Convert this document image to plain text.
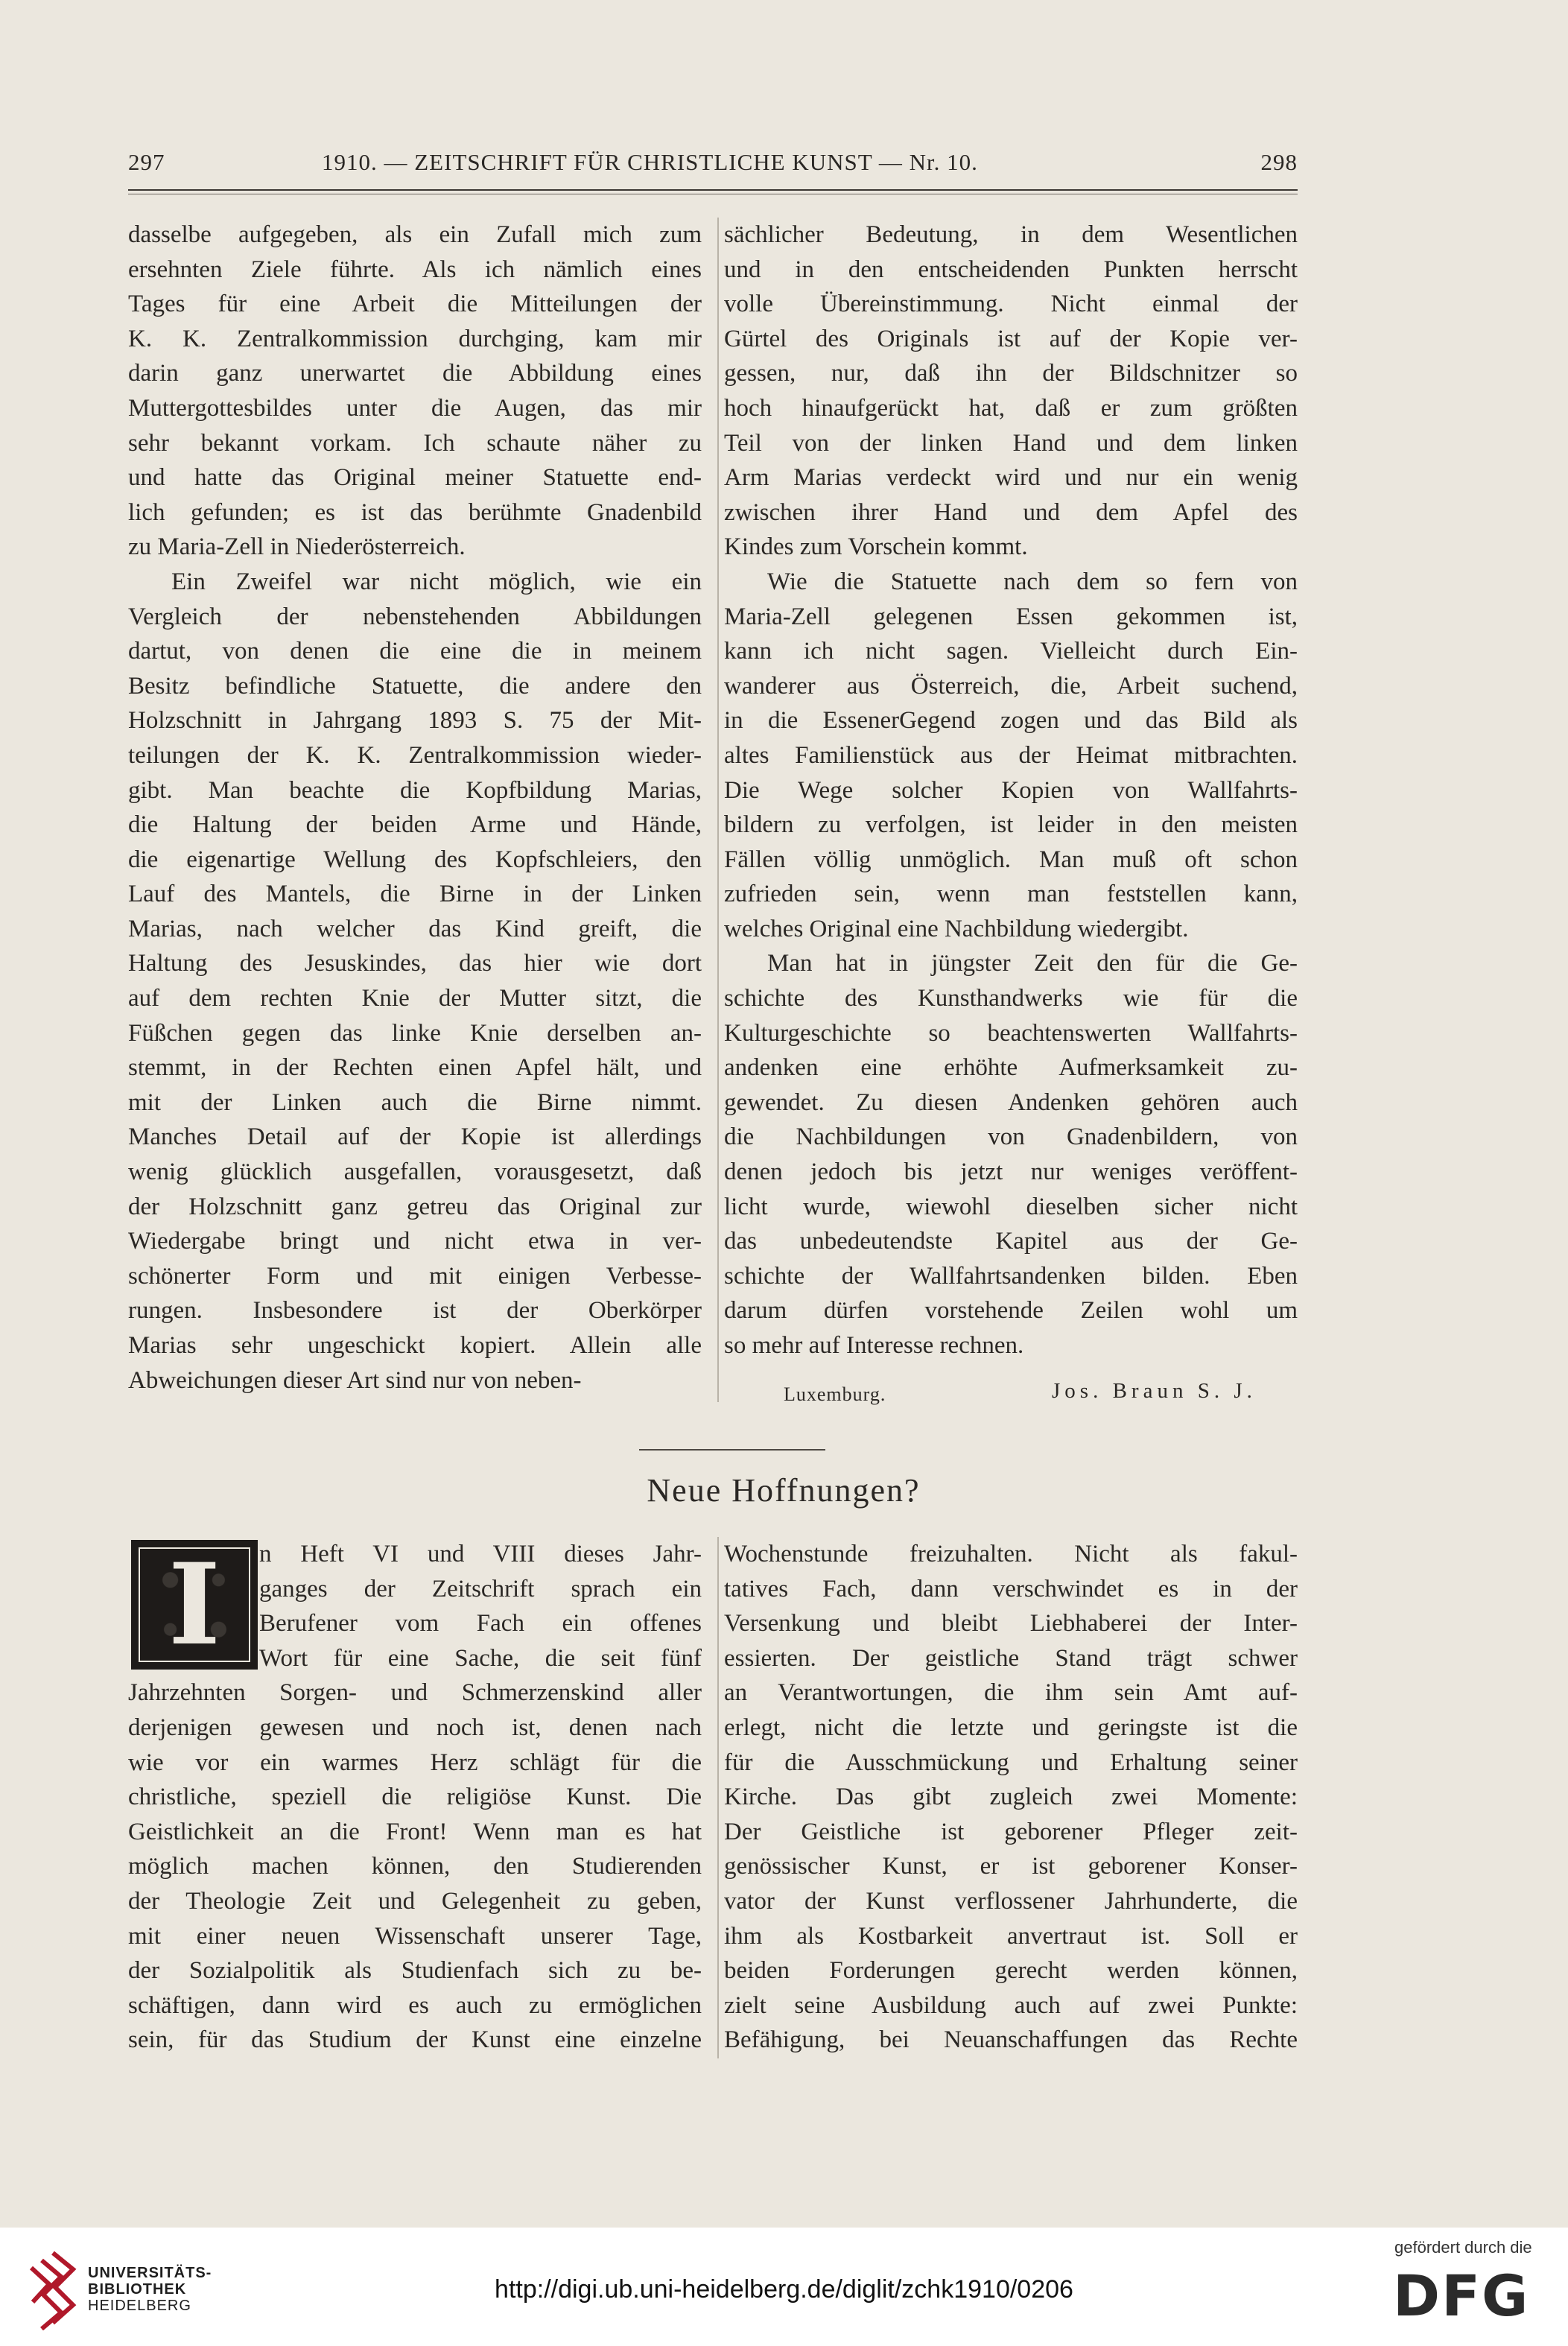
297	1910. — ZEITSCHRIFT FÜR CHRISTLICHE KUNST — Nr. 10.	298
dasselbe aufgegeben, als ein Zufall mich zum
ersehnten Ziele führte. Als ich nämlich eines
Tages für eine Arbeit die Mitteilungen der
K. K. Zentralkommission durchging, kam mir
darin ganz unerwartet die Abbildung eines
Muttergottesbildes unter die Augen, das mir
sehr bekannt vorkam. Ich schaute näher zu
und hatte das Original meiner Statuette end-
lich gefunden; es ist das berühmte Gnadenbild
zu Maria-Zell in Niederösterreich.
Ein Zweifel war nicht möglich, wie ein
Vergleich der nebenstehenden Abbildungen
dartut, von denen die eine die in meinem
Besitz befindliche Statuette, die andere den
Holzschnitt in Jahrgang 1893 S. 75 der Mit-
teilungen der K. K. Zentralkommission wieder-
gibt. Man beachte die Kopfbildung Marias,
die Haltung der beiden Arme und Hände,
die eigenartige Wellung des Kopfschleiers, den
Lauf des Mantels, die Birne in der Linken
Marias, nach welcher das Kind greift, die
Haltung des Jesuskindes, das hier wie dort
auf dem rechten Knie der Mutter sitzt, die
Füßchen gegen das linke Knie derselben an-
stemmt, in der Rechten einen Apfel hält, und
mit der Linken auch die Birne nimmt.
Manches Detail auf der Kopie ist allerdings
wenig glücklich ausgefallen, vorausgesetzt, daß
der Holzschnitt ganz getreu das Original zur
Wiedergabe bringt und nicht etwa in ver-
schönerter Form und mit einigen Verbesse-
rungen. Insbesondere ist der Oberkörper
Marias sehr ungeschickt kopiert. Allein alle
Abweichungen dieser Art sind nur von neben-
sächlicher Bedeutung, in dem Wesentlichen
und in den entscheidenden Punkten herrscht
volle Übereinstimmung. Nicht einmal der
Gürtel des Originals ist auf der Kopie ver-
gessen, nur, daß ihn der Bildschnitzer so
hoch hinaufgerückt hat, daß er zum größten
Teil von der linken Hand und dem linken
Arm Marias verdeckt wird und nur ein wenig
zwischen ihrer Hand und dem Apfel des
Kindes zum Vorschein kommt.
Wie die Statuette nach dem so fern von
Maria-Zell gelegenen Essen gekommen ist,
kann ich nicht sagen. Vielleicht durch Ein-
wanderer aus Österreich, die, Arbeit suchend,
in die EssenerGegend zogen und das Bild als
altes Familienstück aus der Heimat mitbrachten.
Die Wege solcher Kopien von Wallfahrts-
bildern zu verfolgen, ist leider in den meisten
Fällen völlig unmöglich. Man muß oft schon
zufrieden sein, wenn man feststellen kann,
welches Original eine Nachbildung wiedergibt.
Man hat in jüngster Zeit den für die Ge-
schichte des Kunsthandwerks wie für die
Kulturgeschichte so beachtenswerten Wallfahrts-
andenken eine erhöhte Aufmerksamkeit zu-
gewendet. Zu diesen Andenken gehören auch
die Nachbildungen von Gnadenbildern, von
denen jedoch bis jetzt nur weniges veröffent-
licht wurde, wiewohl dieselben sicher nicht
das unbedeutendste Kapitel aus der Ge-
schichte der Wallfahrtsandenken bilden. Eben
darum dürfen vorstehende Zeilen wohl um
so mehr auf Interesse rechnen.
Luxemburg.	Jos. Braun S. J.
Neue Hoffnungen?
I	n Heft VI und VIII dieses Jahr-
ganges der Zeitschrift sprach ein
Berufener vom Fach ein offenes
Wort für eine Sache, die seit fünf
Jahrzehnten Sorgen- und Schmerzenskind aller
derjenigen gewesen und noch ist, denen nach
wie vor ein warmes Herz schlägt für die
christliche, speziell die religiöse Kunst. Die
Geistlichkeit an die Front! Wenn man es hat
möglich machen können, den Studierenden
der Theologie Zeit und Gelegenheit zu geben,
mit einer neuen Wissenschaft unserer Tage,
der Sozialpolitik als Studienfach sich zu be-
schäftigen, dann wird es auch zu ermöglichen
sein, für das Studium der Kunst eine einzelne
Wochenstunde freizuhalten. Nicht als fakul-
tatives Fach, dann verschwindet es in der
Versenkung und bleibt Liebhaberei der Inter-
essierten. Der geistliche Stand trägt schwer
an Verantwortungen, die ihm sein Amt auf-
erlegt, nicht die letzte und geringste ist die
für die Ausschmückung und Erhaltung seiner
Kirche. Das gibt zugleich zwei Momente:
Der Geistliche ist geborener Pfleger zeit-
genössischer Kunst, er ist geborener Konser-
vator der Kunst verflossener Jahrhunderte, die
ihm als Kostbarkeit anvertraut ist. Soll er
beiden Forderungen gerecht werden können,
zielt seine Ausbildung auch auf zwei Punkte:
Befähigung, bei Neuanschaffungen das Rechte
UNIVERSITÄTS-
BIBLIOTHEK
HEIDELBERG
http://digi.ub.uni-heidelberg.de/diglit/zchk1910/0206
gefördert durch die
DFG
